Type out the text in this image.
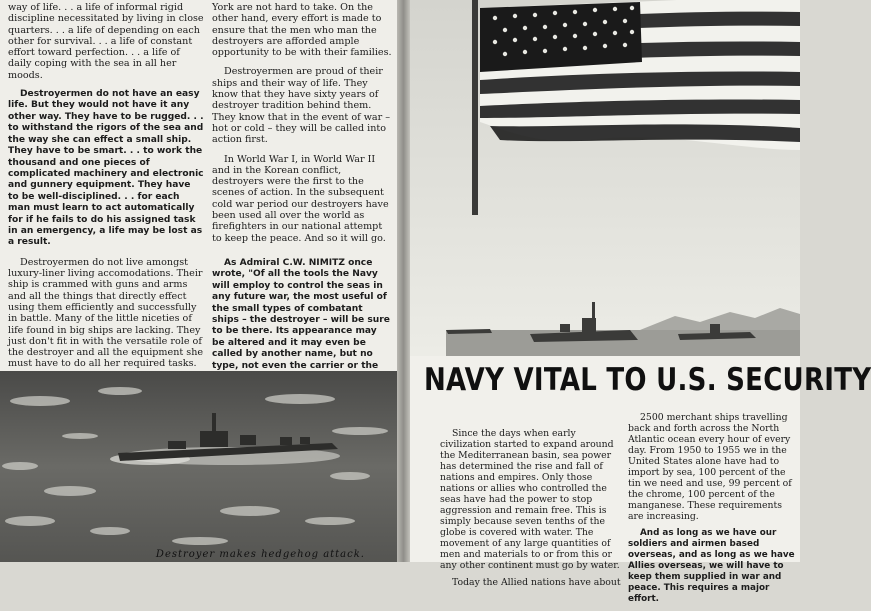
way of life. . . a life of informal rigid discipline necessitated by living in close quarters. . . a life of depending on each other for survival. . . a life of constant effort toward perfection. . . a life of daily coping with the sea in all her moods.

Destroyermen do not have an easy life. But they would not have it any other way. They have to be rugged. . . to withstand the rigors of the sea and the way she can effect a small ship. They have to be smart. . . to work the thousand and one pieces of complicated machinery and electronic and gunnery equipment. They have to be well-disciplined. . . for each man must learn to act automatically for if he fails to do his assigned task in an emergency, a life may be lost as a result.

Destroyermen do not live amongst luxury-liner living accomodations. Their ship is crammed with guns and arms and all the things that directly effect using them efficiently and successfully in battle. Many of the little niceties of life found in big ships are lacking. They just don't fit in with the versatile role of the destroyer and all the equipment she must have to do all her required tasks.

York are not hard to take. On the other hand, every effort is made to ensure that the men who man the destroyers are afforded ample opportunity to be with their families.

Destroyermen are proud of their ships and their way of life. They know that they have sixty years of destroyer tradition behind them. They know that in the event of war – hot or cold – they will be called into action first.

In World War I, in World War II and in the Korean conflict, destroyers were the first to the scenes of action. In the subsequent cold war period our destroyers have been used all over the world as firefighters in our national attempt to keep the peace. And so it will go.

As Admiral C.W. NIMITZ once wrote, "Of all the tools the Navy will employ to control the seas in any future war, the most useful of the small types of combatant ships – the destroyer – will be sure to be there. Its appearance may be altered and it may even be called by another name, but no type, not even the carrier or the

Destroyer makes hedgehog attack.
NAVY VITAL TO U.S. SECURITY

Since the days when early civilization started to expand around the Mediterranean basin, sea power has determined the rise and fall of nations and empires. Only those nations or allies who controlled the seas have had the power to stop aggression and remain free. This is simply because seven tenths of the globe is covered with water. The movement of any large quantities of men and materials to or from this or any other continent must go by water.

Today the Allied nations have about

2500 merchant ships travelling back and forth across the North Atlantic ocean every hour of every day. From 1950 to 1955 we in the United States alone have had to import by sea, 100 percent of the tin we need and use, 99 percent of the chrome, 100 percent of the manganese. These requirements are increasing.

And as long as we have our soldiers and airmen based overseas, and as long as we have Allies overseas, we will have to keep them supplied in war and peace. This requires a major effort.
